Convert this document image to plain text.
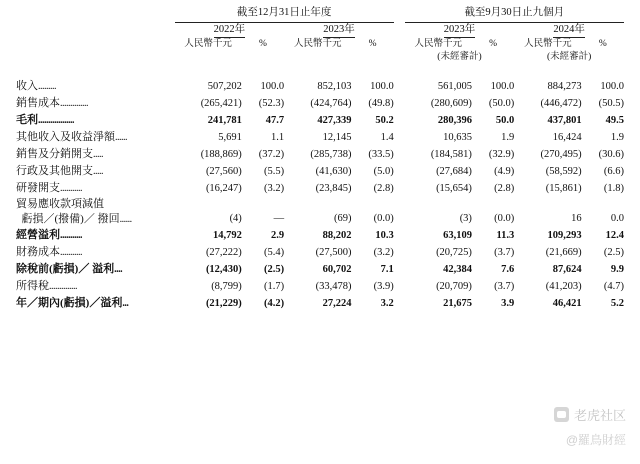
	截至12月31日止年度					截至9月30日止九個月			

	2022年		2023年			2023年		2024年	
	人民幣千元	%	人民幣千元	%		人民幣千元	%	人民幣千元	%
						(未經審計)		(未經審計)	

收入.........	507,202	100.0	852,103	100.0		561,005	100.0	884,273	100.0
銷售成本..............	(265,421)	(52.3)	(424,764)	(49.8)		(280,609)	(50.0)	(446,472)	(50.5)
毛利..................	241,781	47.7	427,339	50.2		280,396	50.0	437,801	49.5
其他收入及收益淨額......	5,691	1.1	12,145	1.4		10,635	1.9	16,424	1.9
銷售及分銷開支.....	(188,869)	(37.2)	(285,738)	(33.5)		(184,581)	(32.9)	(270,495)	(30.6)
行政及其他開支.....	(27,560)	(5.5)	(41,630)	(5.0)		(27,684)	(4.9)	(58,592)	(6.6)
研發開支...........	(16,247)	(3.2)	(23,845)	(2.8)		(15,654)	(2.8)	(15,861)	(1.8)

貿易應收款項減值
虧損／(撥備)／ 撥回......	(4)	—	(69)	(0.0)		(3)	(0.0)	16	0.0
經營溢利...........	14,792	2.9	88,202	10.3		63,109	11.3	109,293	12.4
財務成本...........	(27,222)	(5.4)	(27,500)	(3.2)		(20,725)	(3.7)	(21,669)	(2.5)
除稅前(虧損)／ 溢利....	(12,430)	(2.5)	60,702	7.1		42,384	7.6	87,624	9.9
所得稅..............	(8,799)	(1.7)	(33,478)	(3.9)		(20,709)	(3.7)	(41,203)	(4.7)
年／期內(虧損)／溢利...	(21,229)	(4.2)	27,224	3.2		21,675	3.9	46,421	5.2
老虎社区
@羅鳥財經
